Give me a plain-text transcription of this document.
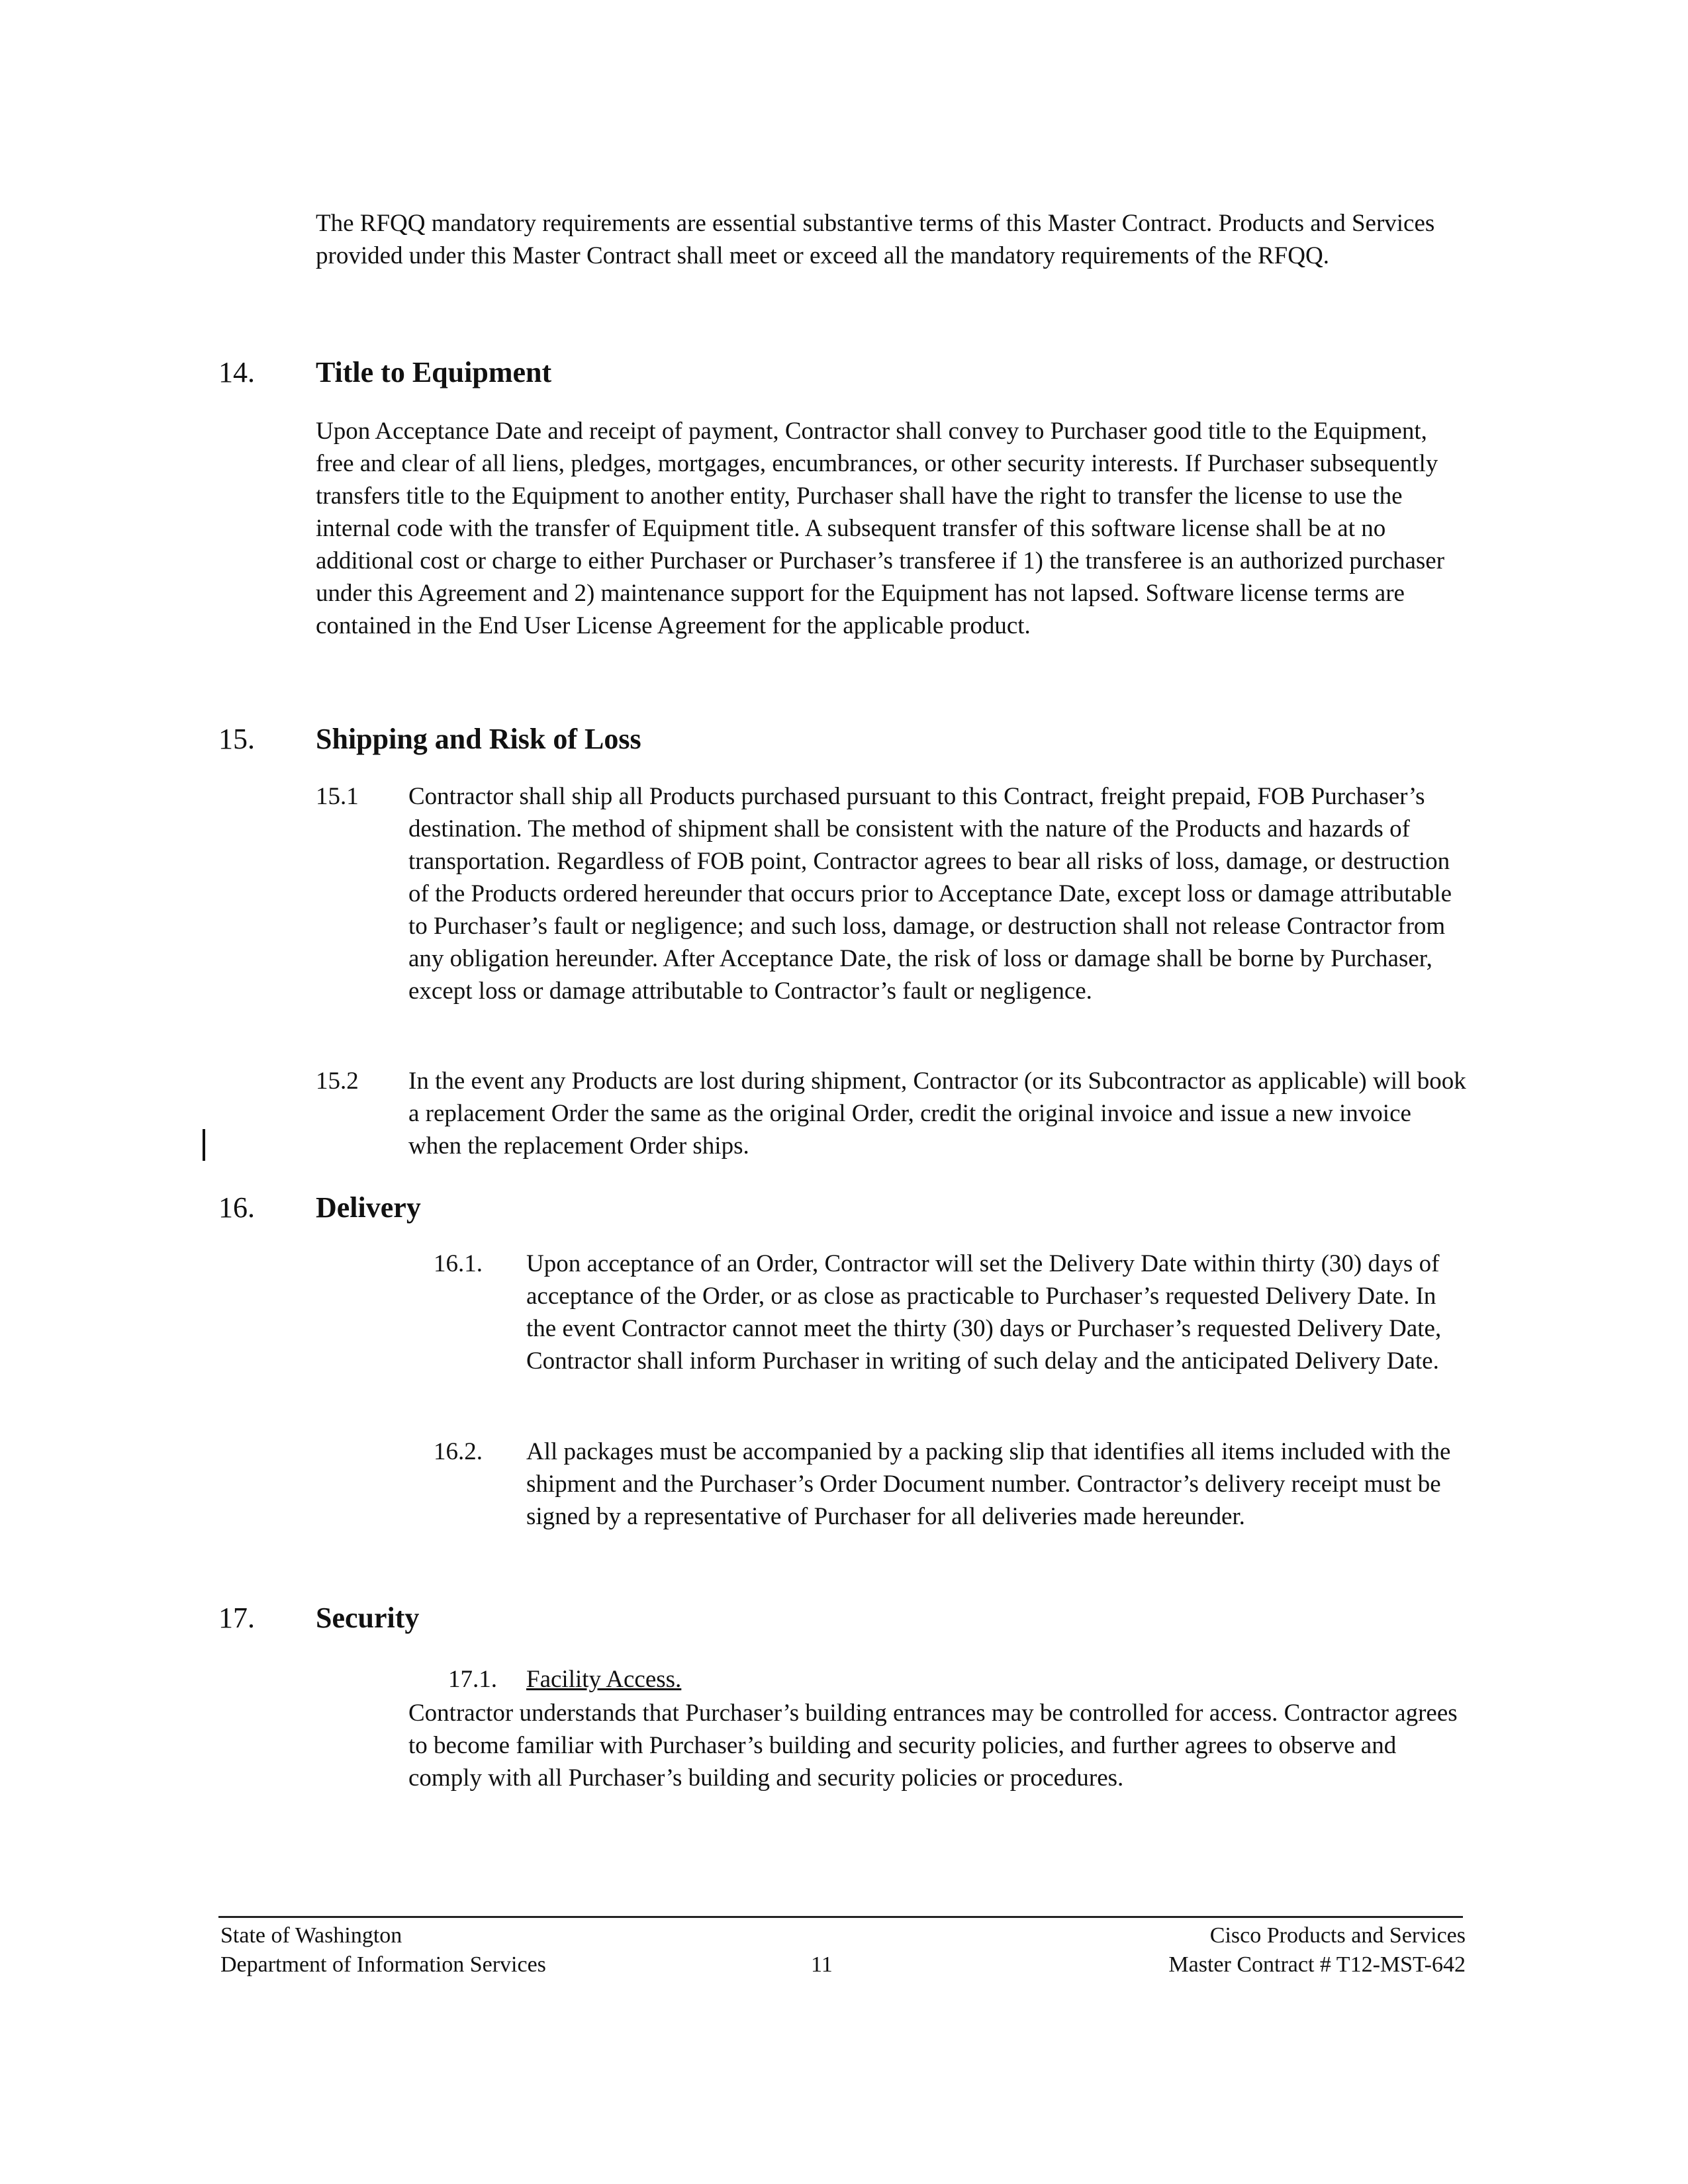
The RFQQ mandatory requirements are essential substantive terms of this Master Contract. Products and Services provided under this Master Contract shall meet or exceed all the mandatory requirements of the RFQQ.

14. Title to Equipment

Upon Acceptance Date and receipt of payment, Contractor shall convey to Purchaser good title to the Equipment, free and clear of all liens, pledges, mortgages, encumbrances, or other security interests. If Purchaser subsequently transfers title to the Equipment to another entity, Purchaser shall have the right to transfer the license to use the internal code with the transfer of Equipment title. A subsequent transfer of this software license shall be at no additional cost or charge to either Purchaser or Purchaser’s transferee if 1) the transferee is an authorized purchaser under this Agreement and 2) maintenance support for the Equipment has not lapsed. Software license terms are contained in the End User License Agreement for the applicable product.

15. Shipping and Risk of Loss
15.1 Contractor shall ship all Products purchased pursuant to this Contract, freight prepaid, FOB Purchaser’s destination. The method of shipment shall be consistent with the nature of the Products and hazards of transportation. Regardless of FOB point, Contractor agrees to bear all risks of loss, damage, or destruction of the Products ordered hereunder that occurs prior to Acceptance Date, except loss or damage attributable to Purchaser’s fault or negligence; and such loss, damage, or destruction shall not release Contractor from any obligation hereunder. After Acceptance Date, the risk of loss or damage shall be borne by Purchaser, except loss or damage attributable to Contractor’s fault or negligence.

15.2 In the event any Products are lost during shipment, Contractor (or its Subcontractor as applicable) will book a replacement Order the same as the original Order, credit the original invoice and issue a new invoice when the replacement Order ships.

16. Delivery
16.1. Upon acceptance of an Order, Contractor will set the Delivery Date within thirty (30) days of acceptance of the Order, or as close as practicable to Purchaser’s requested Delivery Date. In the event Contractor cannot meet the thirty (30) days or Purchaser’s requested Delivery Date, Contractor shall inform Purchaser in writing of such delay and the anticipated Delivery Date.

16.2. All packages must be accompanied by a packing slip that identifies all items included with the shipment and the Purchaser’s Order Document number. Contractor’s delivery receipt must be signed by a representative of Purchaser for all deliveries made hereunder.

17. Security
17.1. Facility Access.

Contractor understands that Purchaser’s building entrances may be controlled for access. Contractor agrees to become familiar with Purchaser’s building and security policies, and further agrees to observe and comply with all Purchaser’s building and security policies or procedures.

State of Washington
Department of Information Services	11
Cisco Products and Services
Master Contract # T12-MST-642
